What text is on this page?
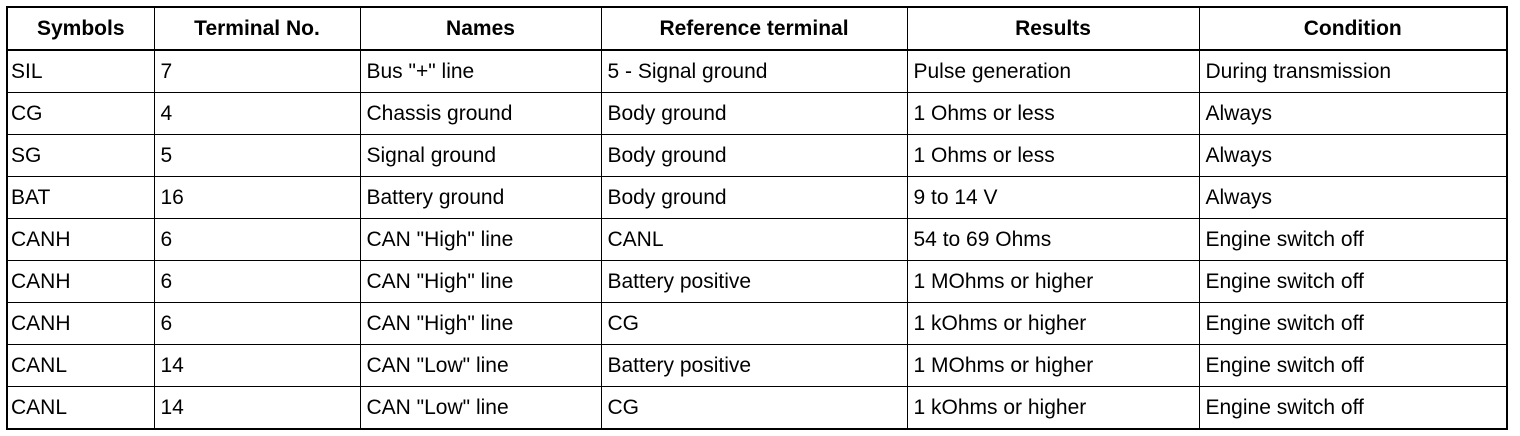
Symbols	Terminal No.	Names	Reference terminal	Results	Condition
SIL	7	Bus "+" line	5 - Signal ground	Pulse generation	During transmission
CG	4	Chassis ground	Body ground	1 Ohms or less	Always
SG	5	Signal ground	Body ground	1 Ohms or less	Always
BAT	16	Battery ground	Body ground	9 to 14 V	Always
CANH	6	CAN "High" line	CANL	54 to 69 Ohms	Engine switch off
CANH	6	CAN "High" line	Battery positive	1 MOhms or higher	Engine switch off
CANH	6	CAN "High" line	CG	1 kOhms or higher	Engine switch off
CANL	14	CAN "Low" line	Battery positive	1 MOhms or higher	Engine switch off
CANL	14	CAN "Low" line	CG	1 kOhms or higher	Engine switch off
